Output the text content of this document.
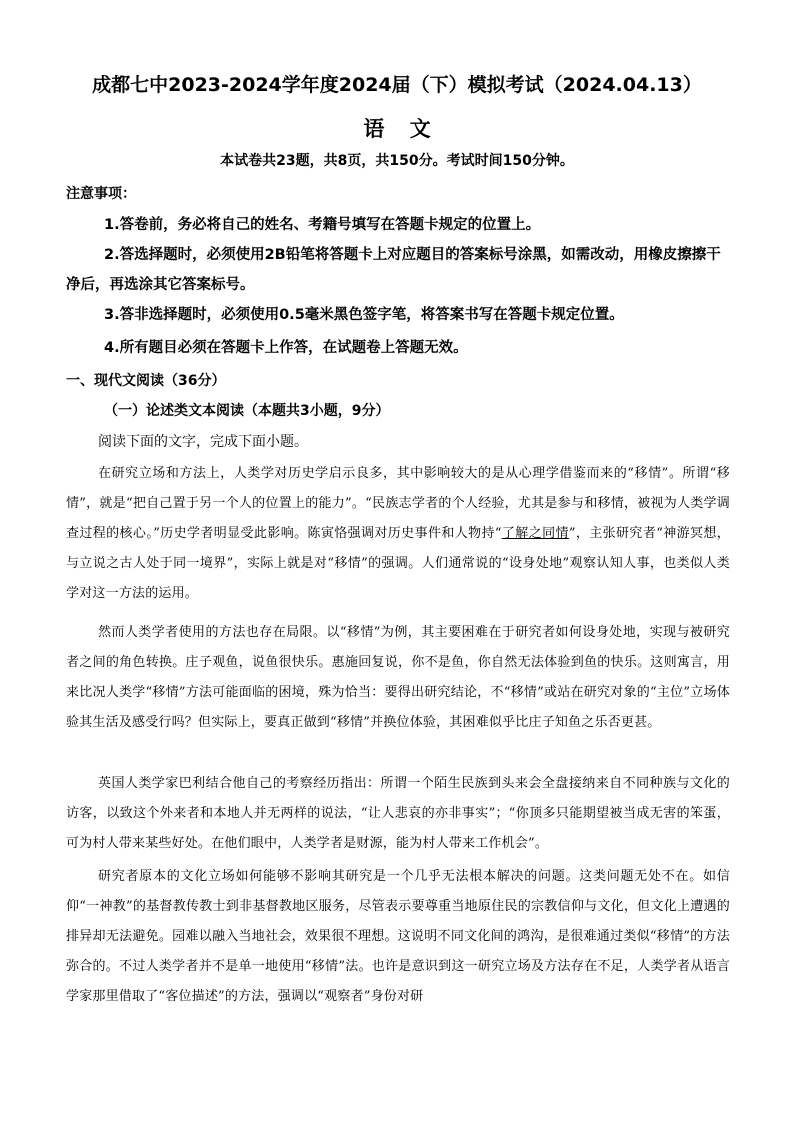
成都七中2023-2024学年度2024届（下）模拟考试（2024.04.13）
语 文
本试卷共23题，共8页，共150分。考试时间150分钟。
注意事项：
1.答卷前，务必将自己的姓名、考籍号填写在答题卡规定的位置上。
2.答选择题时，必须使用2B铅笔将答题卡上对应题目的答案标号涂黑，如需改动，用橡皮擦擦干净后，再选涂其它答案标号。
3.答非选择题时，必须使用0.5毫米黑色签字笔，将答案书写在答题卡规定位置。
4.所有题目必须在答题卡上作答，在试题卷上答题无效。
一、现代文阅读（36分）
（一）论述类文本阅读（本题共3小题，9分）
阅读下面的文字，完成下面小题。
在研究立场和方法上，人类学对历史学启示良多，其中影响较大的是从心理学借鉴而来的“移情”。所谓“移情”，就是“把自己置于另一个人的位置上的能力”。“民族志学者的个人经验，尤其是参与和移情，被视为人类学调查过程的核心。”历史学者明显受此影响。陈寅恪强调对历史事件和人物持“了解之同情”，主张研究者“神游冥想，与立说之古人处于同一境界”，实际上就是对“移情”的强调。人们通常说的“设身处地”观察认知人事，也类似人类学对这一方法的运用。
然而人类学者使用的方法也存在局限。以“移情”为例，其主要困难在于研究者如何设身处地，实现与被研究者之间的角色转换。庄子观鱼，说鱼很快乐。惠施回复说，你不是鱼，你自然无法体验到鱼的快乐。这则寓言，用来比况人类学“移情”方法可能面临的困境，殊为恰当：要得出研究结论，不“移情”或站在研究对象的“主位”立场体验其生活及感受行吗？但实际上，要真正做到“移情”并换位体验，其困难似乎比庄子知鱼之乐否更甚。
英国人类学家巴利结合他自己的考察经历指出：所谓一个陌生民族到头来会全盘接纳来自不同种族与文化的访客，以致这个外来者和本地人并无两样的说法，“让人悲哀的亦非事实”；“你顶多只能期望被当成无害的笨蛋，可为村人带来某些好处。在他们眼中，人类学者是财源，能为村人带来工作机会”。
研究者原本的文化立场如何能够不影响其研究是一个几乎无法根本解决的问题。这类问题无处不在。如信仰“一神教”的基督教传教士到非基督教地区服务，尽管表示要尊重当地原住民的宗教信仰与文化，但文化上遭遇的排异却无法避免。园难以融入当地社会，效果很不理想。这说明不同文化间的鸿沟，是很难通过类似“移情”的方法弥合的。不过人类学者并不是单一地使用“移情”法。也许是意识到这一研究立场及方法存在不足，人类学者从语言学家那里借取了“客位描述”的方法，强调以“观察者”身份对研
